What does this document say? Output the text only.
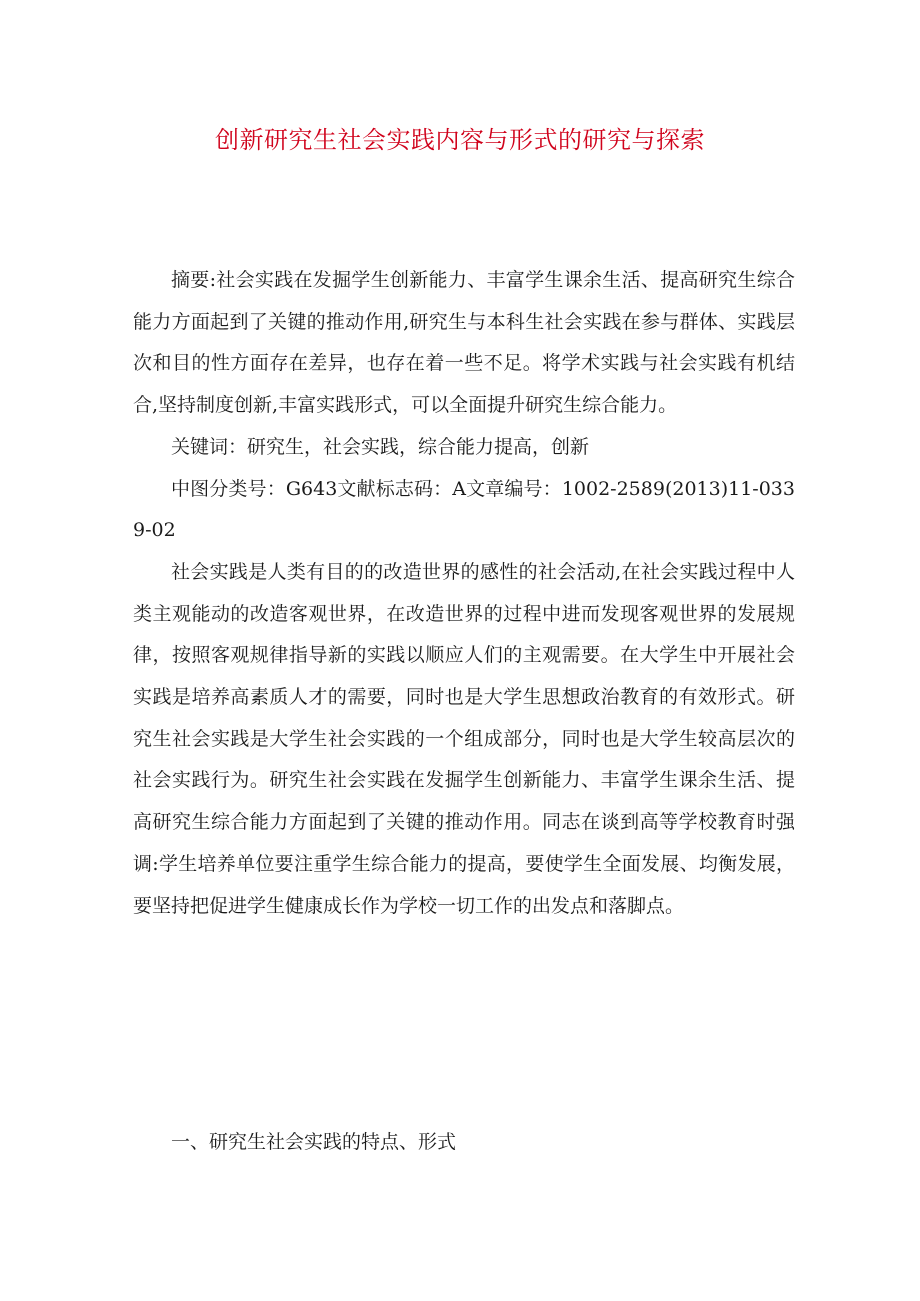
创新研究生社会实践内容与形式的研究与探索

摘要:社会实践在发掘学生创新能力、丰富学生课余生活、提高研究生综合能力方面起到了关键的推动作用,研究生与本科生社会实践在参与群体、实践层次和目的性方面存在差异，也存在着一些不足。将学术实践与社会实践有机结合,坚持制度创新,丰富实践形式，可以全面提升研究生综合能力。

关键词：研究生，社会实践，综合能力提高，创新

中图分类号：G643文献标志码：A文章编号：1002-2589(2013)11-0339-02

社会实践是人类有目的的改造世界的感性的社会活动,在社会实践过程中人类主观能动的改造客观世界，在改造世界的过程中进而发现客观世界的发展规律，按照客观规律指导新的实践以顺应人们的主观需要。在大学生中开展社会实践是培养高素质人才的需要，同时也是大学生思想政治教育的有效形式。研究生社会实践是大学生社会实践的一个组成部分，同时也是大学生较高层次的社会实践行为。研究生社会实践在发掘学生创新能力、丰富学生课余生活、提高研究生综合能力方面起到了关键的推动作用。同志在谈到高等学校教育时强调:学生培养单位要注重学生综合能力的提高，要使学生全面发展、均衡发展，要坚持把促进学生健康成长作为学校一切工作的出发点和落脚点。

一、研究生社会实践的特点、形式
